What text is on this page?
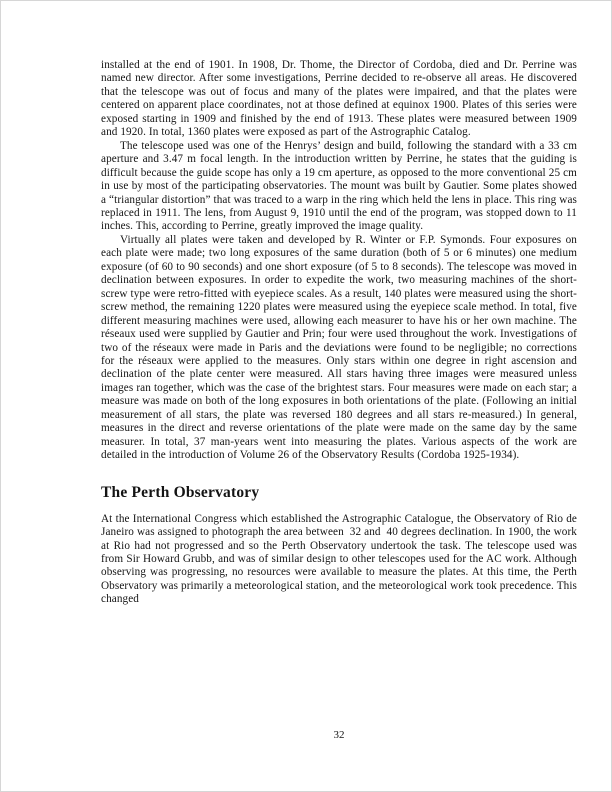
installed at the end of 1901. In 1908, Dr. Thome, the Director of Cordoba, died and Dr. Perrine was named new director. After some investigations, Perrine decided to re-observe all areas. He discovered that the telescope was out of focus and many of the plates were impaired, and that the plates were centered on apparent place coordinates, not at those defined at equinox 1900. Plates of this series were exposed starting in 1909 and finished by the end of 1913. These plates were measured between 1909 and 1920. In total, 1360 plates were exposed as part of the Astrographic Catalog.

The telescope used was one of the Henrys’ design and build, following the standard with a 33 cm aperture and 3.47 m focal length. In the introduction written by Perrine, he states that the guiding is difficult because the guide scope has only a 19 cm aperture, as opposed to the more conventional 25 cm in use by most of the participating observatories. The mount was built by Gautier. Some plates showed a “triangular distortion” that was traced to a warp in the ring which held the lens in place. This ring was replaced in 1911. The lens, from August 9, 1910 until the end of the program, was stopped down to 11  inches. This, according to Perrine, greatly improved the image quality.

Virtually all plates were taken and developed by R. Winter or F.P. Symonds. Four exposures on each plate were made; two long exposures of the same duration (both of 5 or 6 minutes) one medium exposure (of 60 to 90 seconds) and one short exposure (of 5 to 8 seconds). The telescope was moved in declination between exposures. In order to expedite the work, two measuring machines of the short-screw type were retro-fitted with eyepiece scales. As a result, 140 plates were measured using the short-screw method, the remaining 1220 plates were measured using the eyepiece scale method. In total, five different measuring machines were used, allowing each measurer to have his or her own machine. The réseaux used were supplied by Gautier and Prin; four were used throughout the work. Investigations of two of the réseaux were made in Paris and the deviations were found to be negligible; no corrections for the réseaux were applied to the measures. Only stars within one degree in right ascension and declination of the plate center were measured. All stars having three images were measured unless images ran together, which was the case of the brightest stars. Four measures were made on each star; a measure was made on both of the long exposures in both orientations of the plate. (Following an initial measurement of all stars, the plate was reversed 180 degrees and all stars re-measured.) In general, measures in the direct and reverse orientations of the plate were made on the same day by the same measurer. In total, 37 man-years went into measuring the plates. Various aspects of the work are detailed in the introduction of Volume 26 of the Observatory Results (Cordoba 1925-1934).

The Perth Observatory

At the International Congress which established the Astrographic Catalogue, the Observatory of Rio de Janeiro was assigned to photograph the area between  32 and  40 degrees declination. In 1900, the work at Rio had not progressed and so the Perth Observatory undertook the task. The telescope used was from Sir Howard Grubb, and was of similar design to other telescopes used for the AC work. Although observing was progressing, no resources were available to measure the plates. At this time, the Perth Observatory was primarily a meteorological station, and the meteorological work took precedence. This changed

32
